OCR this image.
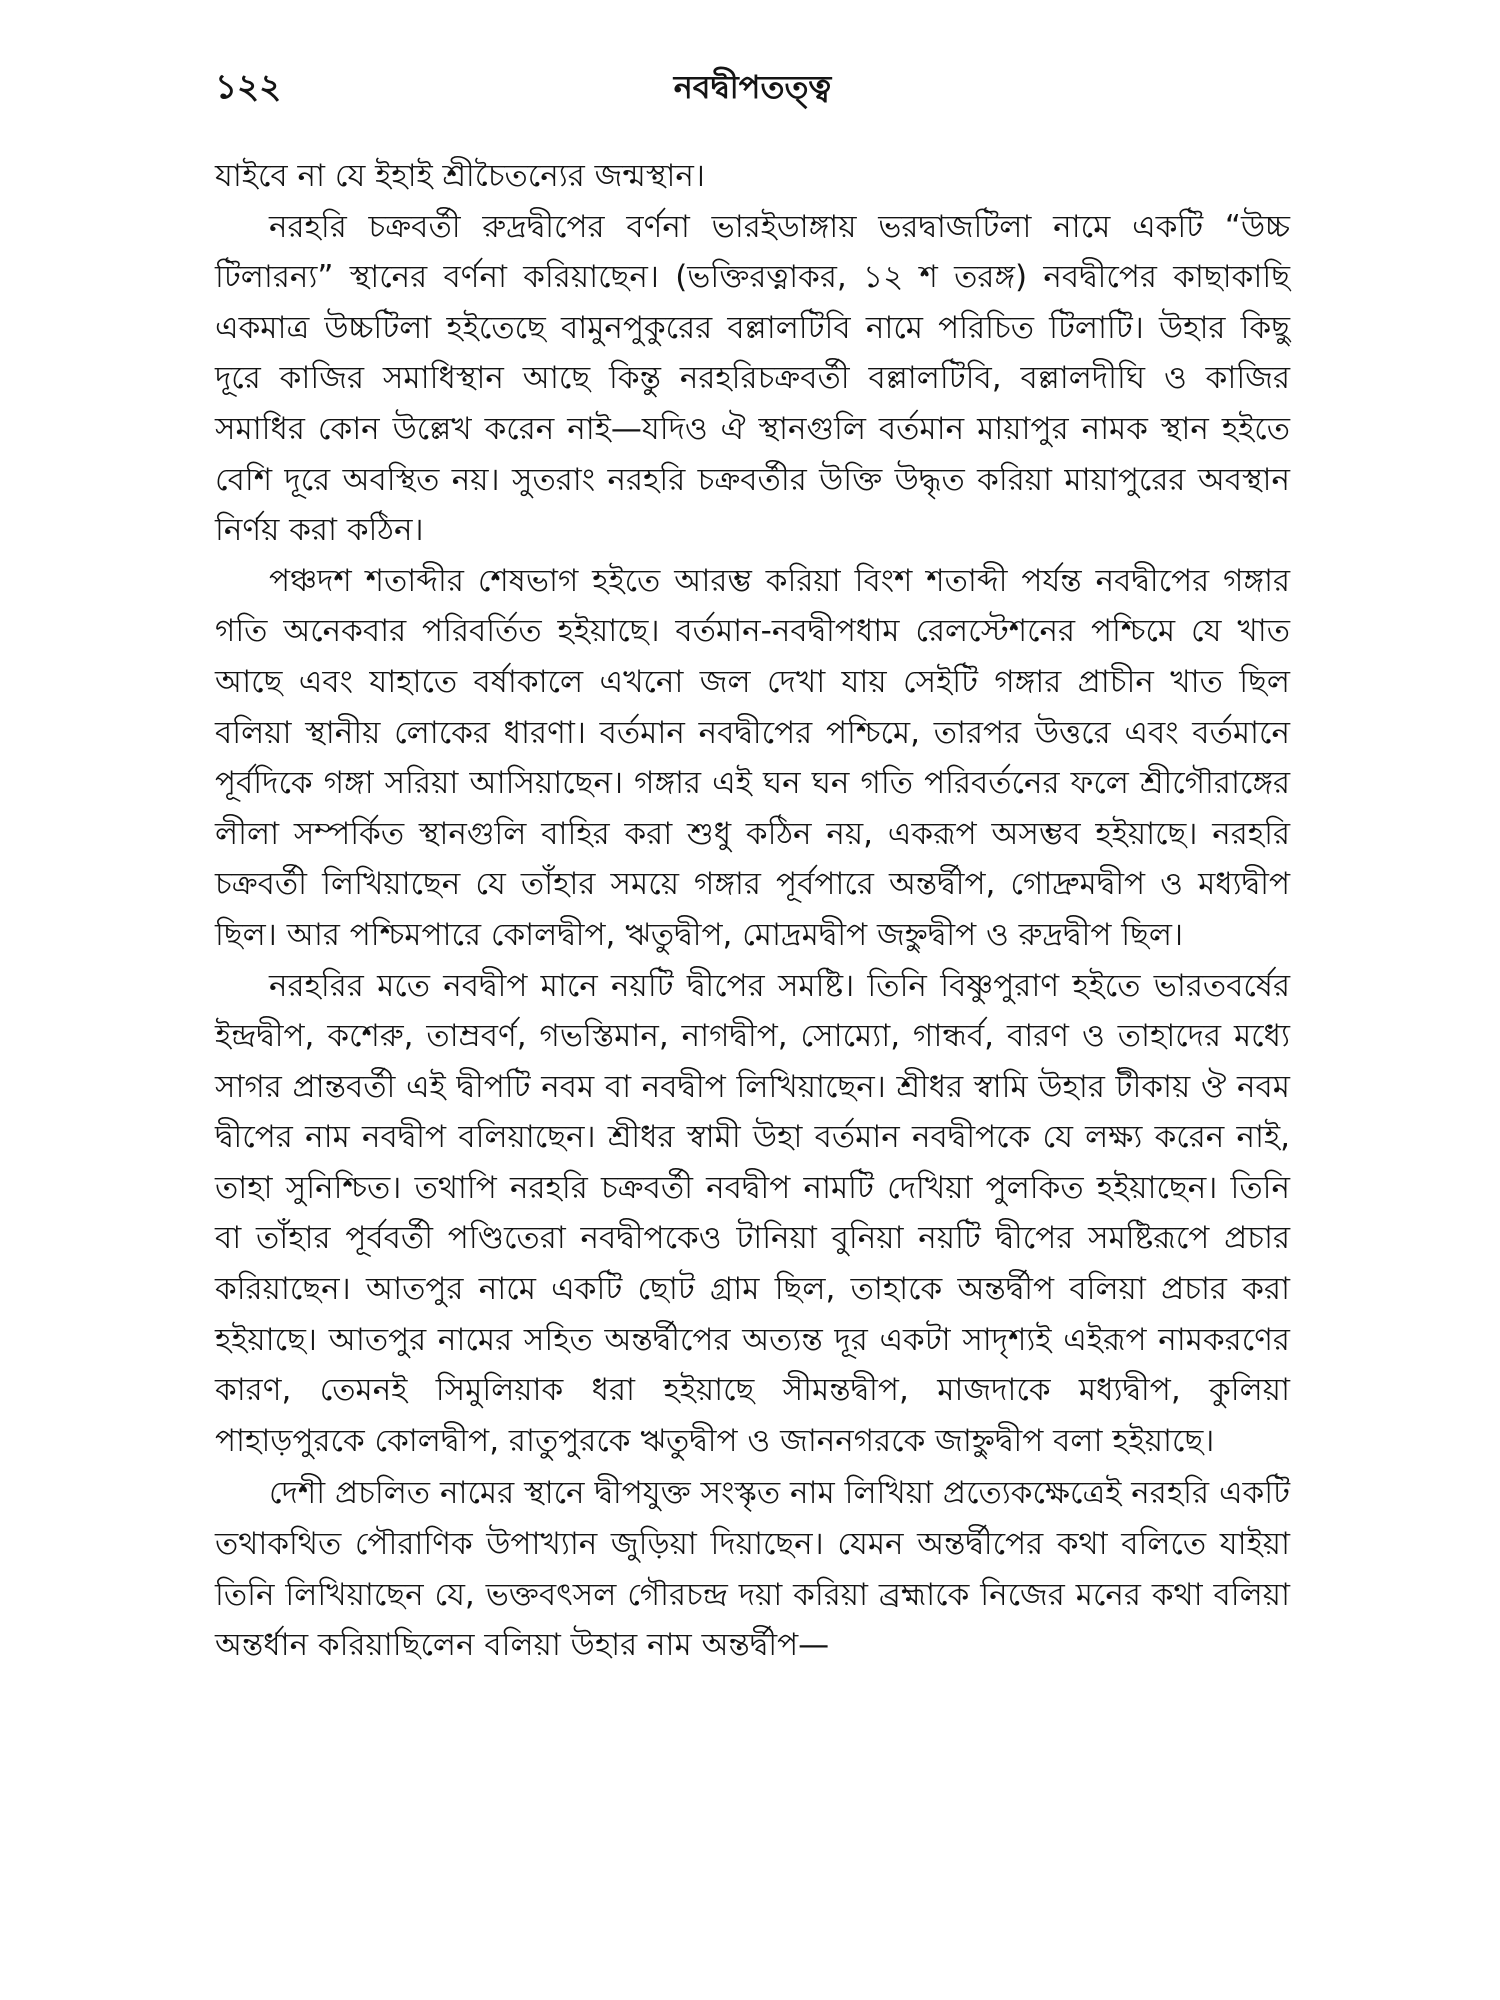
১২২	নবদ্বীপতত্ত্ব

যাইবে না যে ইহাই শ্রীচৈতন্যের জন্মস্থান।

নরহরি চক্রবর্তী রুদ্রদ্বীপের বর্ণনা ভারইডাঙ্গায় ভরদ্বাজটিলা নামে একটি “উচ্চ টিলারন্য” স্থানের বর্ণনা করিয়াছেন। (ভক্তিরত্নাকর, ১২ শ তরঙ্গ) নবদ্বীপের কাছাকাছি একমাত্র উচ্চটিলা হইতেছে বামুনপুকুরের বল্লালটিবি নামে পরিচিত টিলাটি। উহার কিছু দূরে কাজির সমাধিস্থান আছে কিন্তু নরহরিচক্রবর্তী বল্লালটিবি, বল্লালদীঘি ও কাজির সমাধির কোন উল্লেখ করেন নাই—যদিও ঐ স্থানগুলি বর্তমান মায়াপুর নামক স্থান হইতে বেশি দূরে অবস্থিত নয়। সুতরাং নরহরি চক্রবর্তীর উক্তি উদ্ধৃত করিয়া মায়াপুরের অবস্থান নির্ণয় করা কঠিন।

পঞ্চদশ শতাব্দীর শেষভাগ হইতে আরম্ভ করিয়া বিংশ শতাব্দী পর্যন্ত নবদ্বীপের গঙ্গার গতি অনেকবার পরিবর্তিত হইয়াছে। বর্তমান-নবদ্বীপধাম রেলস্টেশনের পশ্চিমে যে খাত আছে এবং যাহাতে বর্ষাকালে এখনো জল দেখা যায় সেইটি গঙ্গার প্রাচীন খাত ছিল বলিয়া স্থানীয় লোকের ধারণা। বর্তমান নবদ্বীপের পশ্চিমে, তারপর উত্তরে এবং বর্তমানে পূর্বদিকে গঙ্গা সরিয়া আসিয়াছেন। গঙ্গার এই ঘন ঘন গতি পরিবর্তনের ফলে শ্রীগৌরাঙ্গের লীলা সম্পর্কিত স্থানগুলি বাহির করা শুধু কঠিন নয়, একরূপ অসম্ভব হইয়াছে। নরহরি চক্রবর্তী লিখিয়াছেন যে তাঁহার সময়ে গঙ্গার পূর্বপারে অন্তর্দ্বীপ, গোদ্রুমদ্বীপ ও মধ্যদ্বীপ ছিল। আর পশ্চিমপারে কোলদ্বীপ, ঋতুদ্বীপ, মোদ্রমদ্বীপ জহ্নুদ্বীপ ও রুদ্রদ্বীপ ছিল।

নরহরির মতে নবদ্বীপ মানে নয়টি দ্বীপের সমষ্টি। তিনি বিষ্ণুপুরাণ হইতে ভারতবর্ষের ইন্দ্রদ্বীপ, কশেরু, তাম্রবর্ণ, গভস্তিমান, নাগদ্বীপ, সোম্যো, গান্ধর্ব, বারণ ও তাহাদের মধ্যে সাগর প্রান্তবর্তী এই দ্বীপটি নবম বা নবদ্বীপ লিখিয়াছেন। শ্রীধর স্বামি উহার টীকায় ঔ নবম দ্বীপের নাম নবদ্বীপ বলিয়াছেন। শ্রীধর স্বামী উহা বর্তমান নবদ্বীপকে যে লক্ষ্য করেন নাই, তাহা সুনিশ্চিত। তথাপি নরহরি চক্রবর্তী নবদ্বীপ নামটি দেখিয়া পুলকিত হইয়াছেন। তিনি বা তাঁহার পূর্ববর্তী পণ্ডিতেরা নবদ্বীপকেও টানিয়া বুনিয়া নয়টি দ্বীপের সমষ্টিরূপে প্রচার করিয়াছেন। আতপুর নামে একটি ছোট গ্রাম ছিল, তাহাকে অন্তর্দ্বীপ বলিয়া প্রচার করা হইয়াছে। আতপুর নামের সহিত অন্তর্দ্বীপের অত্যন্ত দূর একটা সাদৃশ্যই এইরূপ নামকরণের কারণ, তেমনই সিমুলিয়াক ধরা হইয়াছে সীমন্তদ্বীপ, মাজদাকে মধ্যদ্বীপ, কুলিয়া পাহাড়পুরকে কোলদ্বীপ, রাতুপুরকে ঋতুদ্বীপ ও জাননগরকে জাহ্নুদ্বীপ বলা হইয়াছে।

দেশী প্রচলিত নামের স্থানে দ্বীপযুক্ত সংস্কৃত নাম লিখিয়া প্রত্যেকক্ষেত্রেই নরহরি একটি তথাকথিত পৌরাণিক উপাখ্যান জুড়িয়া দিয়াছেন। যেমন অন্তর্দ্বীপের কথা বলিতে যাইয়া তিনি লিখিয়াছেন যে, ভক্তবৎসল গৌরচন্দ্র দয়া করিয়া ব্রহ্মাকে নিজের মনের কথা বলিয়া অন্তর্ধান করিয়াছিলেন বলিয়া উহার নাম অন্তর্দ্বীপ—
